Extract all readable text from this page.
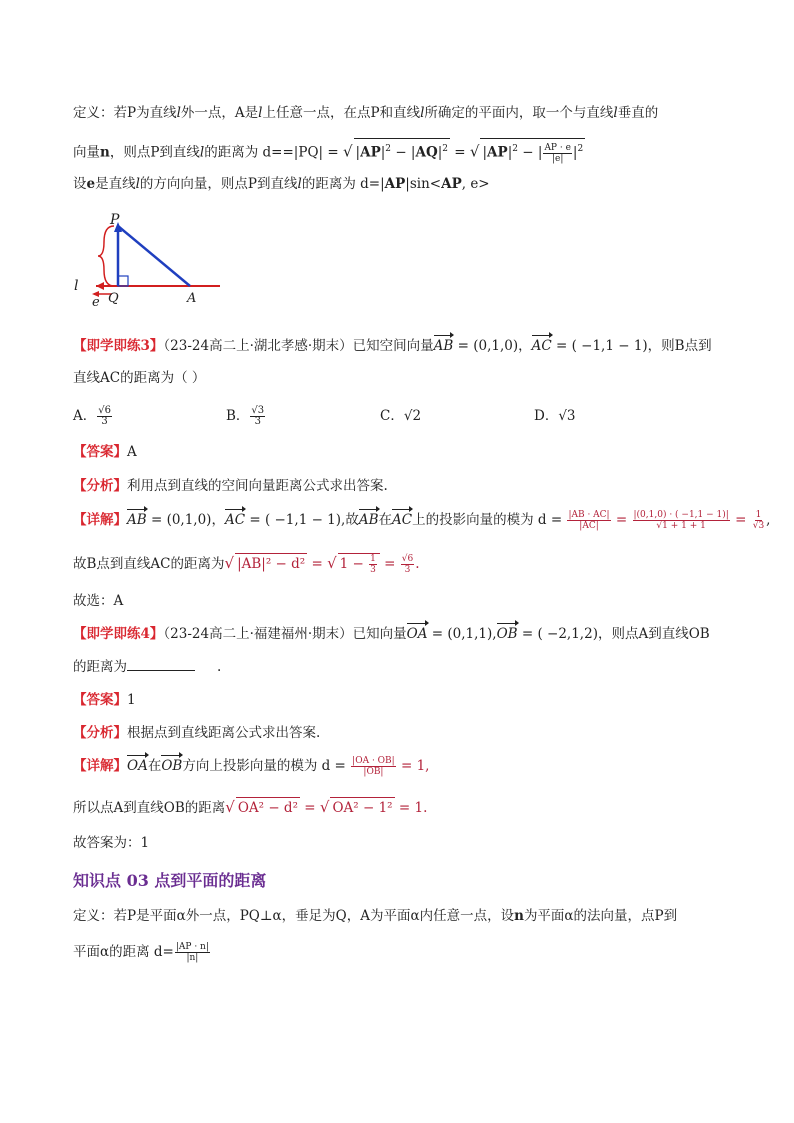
定义：若P为直线l外一点，A是l上任意一点，在点P和直线l所确定的平面内，取一个与直线l垂直的
向量n，则点P到直线l的距离为 d==|PQ| = √ $|AP|^2 - |AQ|^2$ = √ $|AP|^2$ − | $\frac{AP \cdot e}{|e|} |^2$
设e是直线l的方向向量，则点P到直线l的距离为 d=|AP|sin<AP, e>
P
l
Q	A
e
【即学即练3】（23-24高二上·湖北孝感·期末）已知空间向量AB = (0,1,0)，AC = ( −1,1 − 1)，则B点到
直线AC的距离为（ ）
A． $\frac{√6}{3}$	B． $\frac{√3}{3}$	C．√2	D．√3
【答案】A
【分析】利用点到直线的空间向量距离公式求出答案.
【详解】AB = (0,1,0)，AC = ( −1,1 − 1),故AB在AC上的投影向量的模为 $d = \frac{|AB \cdot AC|}{|AC|} = \frac{|(0,1,0) \cdot ( -1,1 - 1)|}{√1 + 1 + 1} = \frac{1}{√3}$ ,
故B点到直线AC的距离为√ |AB|² − d² = √ $1 - \frac{1}{3} = \frac{√6}{3}$ .
故选：A
【即学即练4】（23-24高二上·福建福州·期末）已知向量OA = (0,1,1),OB = ( −2,1,2)，则点A到直线OB
的距离为	.
【答案】1
【分析】根据点到直线距离公式求出答案.
【详解】OA在OB方向上投影向量的模为 $d = \frac{|OA \cdot OB|}{|OB|} = 1$,
所以点A到直线OB的距离√ OA² − d² = √ OA² − 1² = 1.
故答案为：1
知识点 03 点到平面的距离
定义：若P是平面α外一点，PQ⊥α，垂足为Q，A为平面α内任意一点，设n为平面α的法向量，点P到
平面α的距离 $d= \frac{|AP \cdot n|}{|n|}$
